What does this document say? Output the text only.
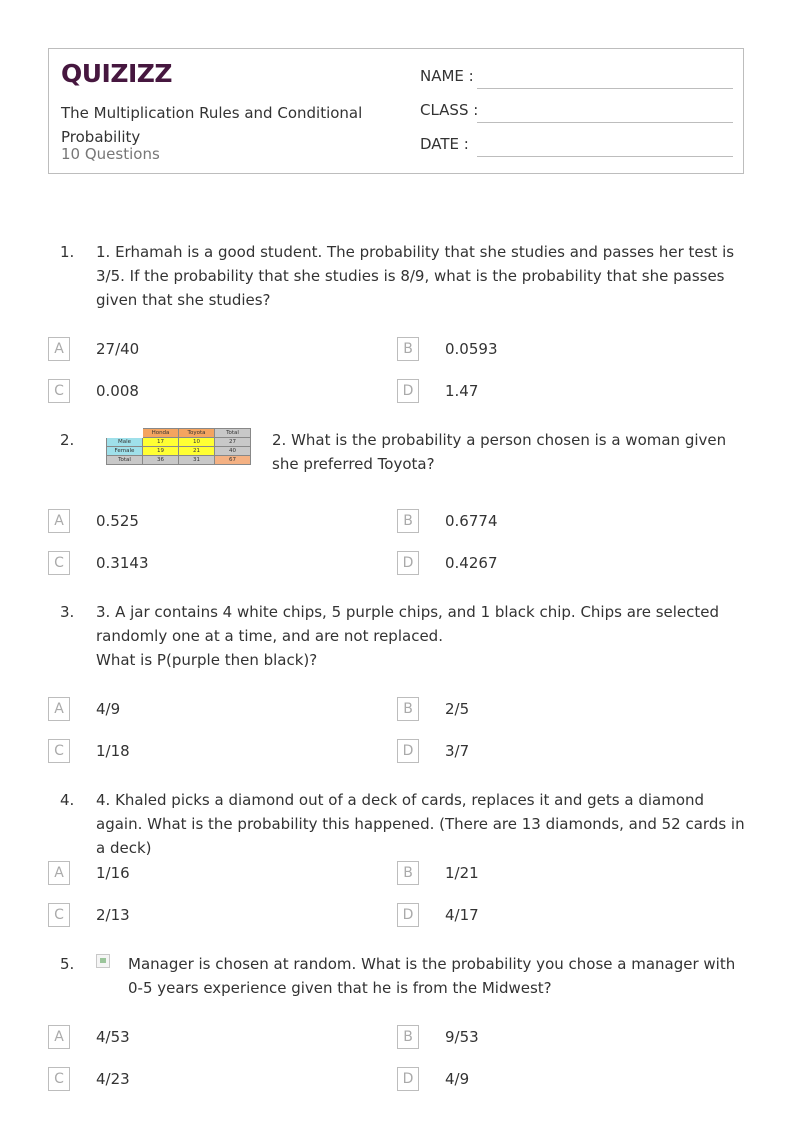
QUIZIZZ
The Multiplication Rules and Conditional Probability
10 Questions
NAME :
CLASS :
DATE :
1. 1. Erhamah is a good student. The probability that she studies and passes her test is 3/5. If the probability that she studies is 8/9, what is the probability that she passes given that she studies?
A	27/40	B	0.0593
C	0.008	D	1.47
2.
		Honda	Toyota	Total
Male	17	10	27
Female	19	21	40
Total	36	31	67
2. What is the probability a person chosen is a woman given she preferred Toyota?
A	0.525	B	0.6774
C	0.3143	D	0.4267
3. 3. A jar contains 4 white chips, 5 purple chips, and 1 black chip. Chips are selected randomly one at a time, and are not replaced.
What is P(purple then black)?
A	4/9	B	2/5
C	1/18	D	3/7
4. 4. Khaled picks a diamond out of a deck of cards, replaces it and gets a diamond again. What is the probability this happened. (There are 13 diamonds, and 52 cards in a deck)
A	1/16	B	1/21
C	2/13	D	4/17
5.	Manager is chosen at random. What is the probability you chose a manager with 0-5 years experience given that he is from the Midwest?
A	4/53	B	9/53
C	4/23	D	4/9
